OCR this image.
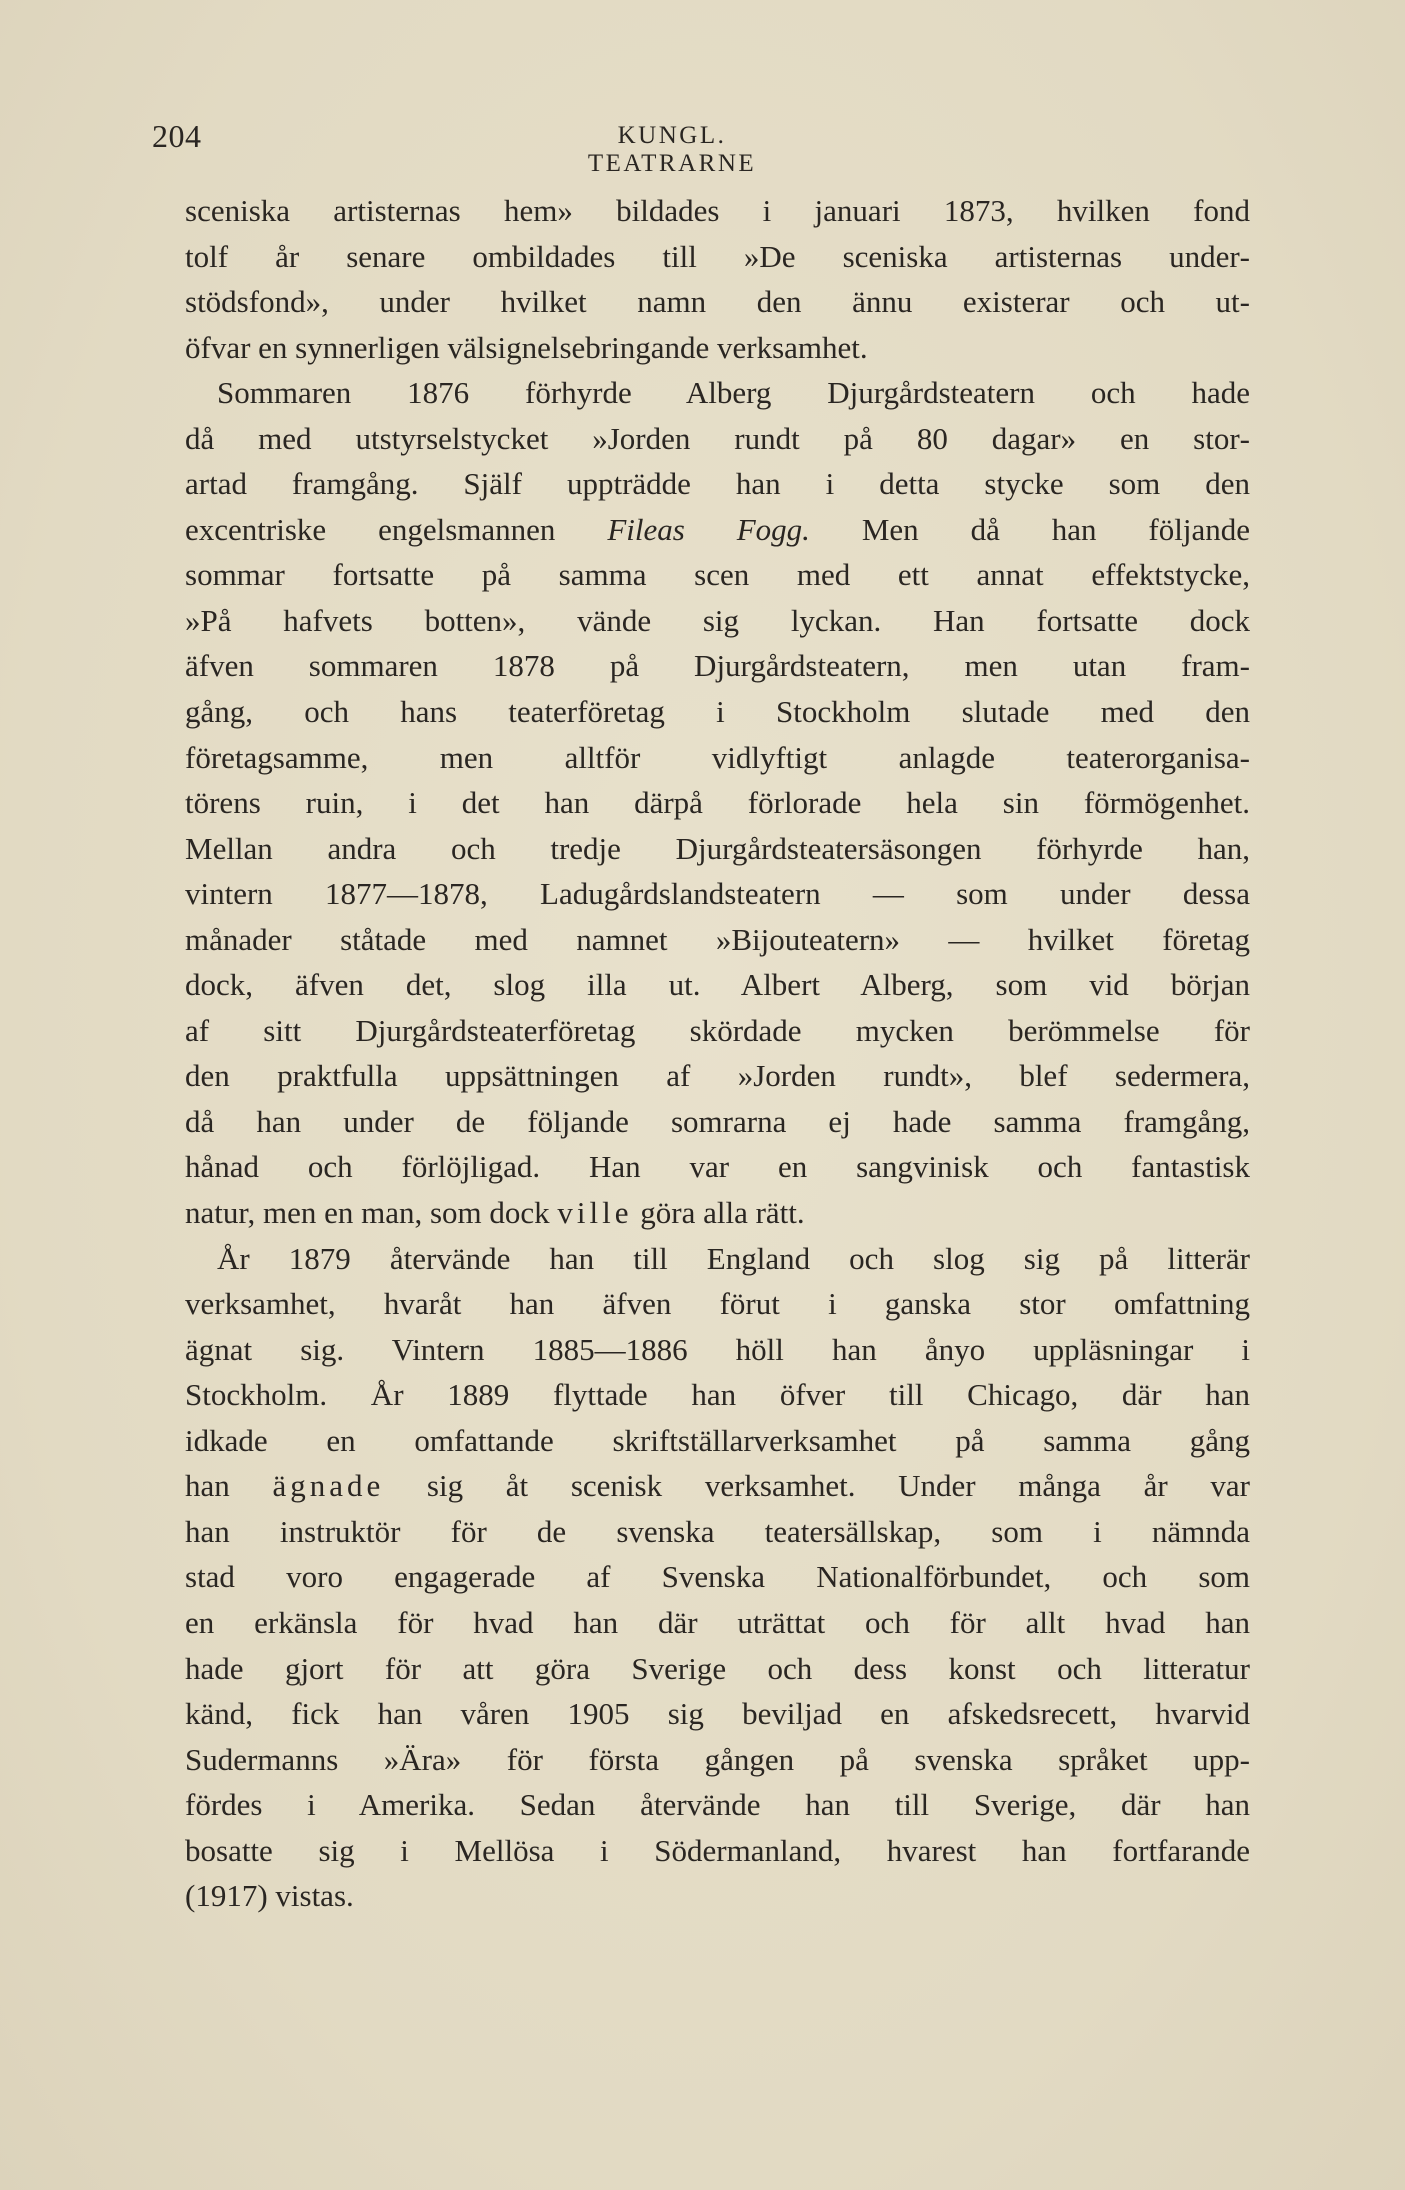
204	KUNGL. TEATRARNE
sceniska artisternas hem» bildades i januari 1873, hvilken fond
tolf år senare ombildades till »De sceniska artisternas under‑
stödsfond», under hvilket namn den ännu existerar och ut‑
öfvar en synnerligen välsignelsebringande verksamhet.
Sommaren 1876 förhyrde Alberg Djurgårdsteatern och hade
då med utstyrselstycket »Jorden rundt på 80 dagar» en stor‑
artad framgång. Själf uppträdde han i detta stycke som den
excentriske engelsmannen Fileas Fogg. Men då han följande
sommar fortsatte på samma scen med ett annat effektstycke,
»På hafvets botten», vände sig lyckan. Han fortsatte dock
äfven sommaren 1878 på Djurgårdsteatern, men utan fram‑
gång, och hans teaterföretag i Stockholm slutade med den
företagsamme, men alltför vidlyftigt anlagde teaterorganisa‑
törens ruin, i det han därpå förlorade hela sin förmögenhet.
Mellan andra och tredje Djurgårdsteatersäsongen förhyrde han,
vintern 1877—1878, Ladugårdslandsteatern — som under dessa
månader ståtade med namnet »Bijouteatern» — hvilket företag
dock, äfven det, slog illa ut. Albert Alberg, som vid början
af sitt Djurgårdsteaterföretag skördade mycken berömmelse för
den praktfulla uppsättningen af »Jorden rundt», blef sedermera,
då han under de följande somrarna ej hade samma framgång,
hånad och förlöjligad. Han var en sangvinisk och fantastisk
natur, men en man, som dock ville göra alla rätt.
År 1879 återvände han till England och slog sig på litterär
verksamhet, hvaråt han äfven förut i ganska stor omfattning
ägnat sig. Vintern 1885—1886 höll han ånyo uppläsningar i
Stockholm. År 1889 flyttade han öfver till Chicago, där han
idkade en omfattande skriftställarverksamhet på samma gång
han ägnade sig åt scenisk verksamhet. Under många år var
han instruktör för de svenska teatersällskap, som i nämnda
stad voro engagerade af Svenska Nationalförbundet, och som
en erkänsla för hvad han där uträttat och för allt hvad han
hade gjort för att göra Sverige och dess konst och litteratur
känd, fick han våren 1905 sig beviljad en afskedsrecett, hvarvid
Sudermanns »Ära» för första gången på svenska språket upp‑
fördes i Amerika. Sedan återvände han till Sverige, där han
bosatte sig i Mellösa i Södermanland, hvarest han fortfarande
(1917) vistas.
